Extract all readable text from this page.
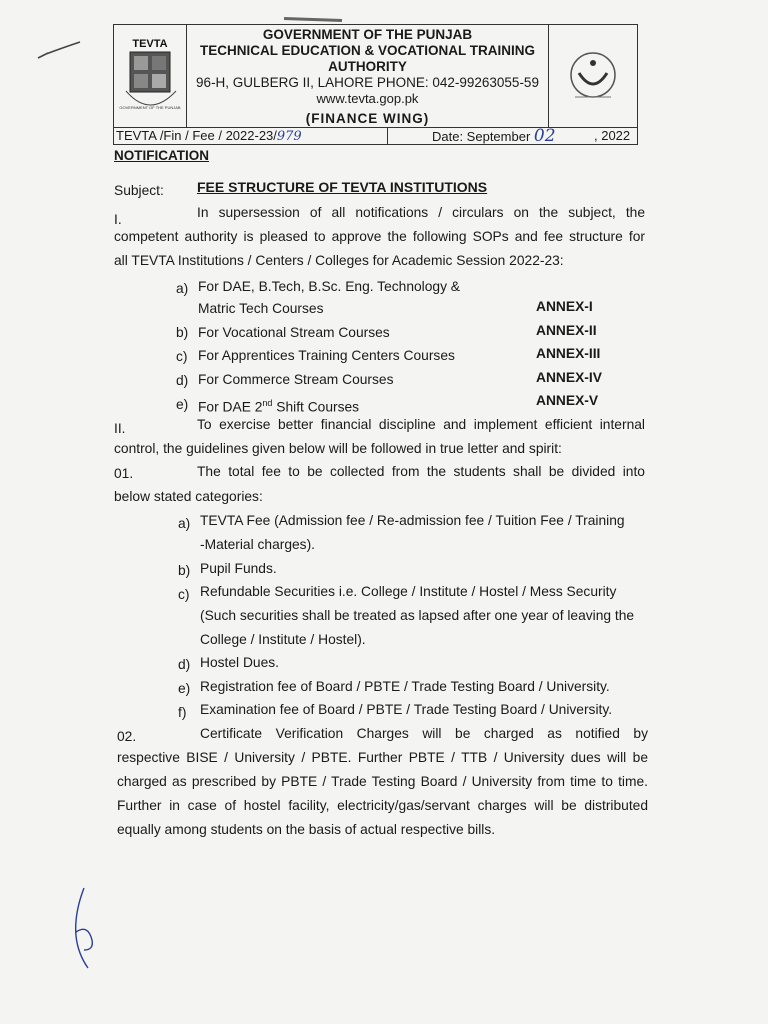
TEVTA
GOVERNMENT OF THE PUNJAB
GOVERNMENT OF THE PUNJAB
TECHNICAL EDUCATION & VOCATIONAL TRAINING
AUTHORITY
96-H, GULBERG II, LAHORE PHONE: 042-99263055-59
www.tevta.gop.pk
(FINANCE WING)
TEVTA /Fin / Fee / 2022-23/979	Date: September 02	, 2022
NOTIFICATION
Subject: FEE STRUCTURE OF TEVTA INSTITUTIONS
I.	In supersession of all notifications / circulars on the subject, the
competent authority is pleased to approve the following SOPs and fee structure for
all TEVTA Institutions / Centers / Colleges for Academic Session 2022-23:
a) For DAE, B.Tech, B.Sc. Eng. Technology &
Matric Tech Courses	ANNEX-I
b) For Vocational Stream Courses	ANNEX-II
c) For Apprentices Training Centers Courses	ANNEX-III
d) For Commerce Stream Courses	ANNEX-IV
e) For DAE 2nd Shift Courses	ANNEX-V
II.	To exercise better financial discipline and implement efficient internal
control, the guidelines given below will be followed in true letter and spirit:
01.	The total fee to be collected from the students shall be divided into
below stated categories:
a) TEVTA Fee (Admission fee / Re-admission fee / Tuition Fee / Training
-Material charges).
b) Pupil Funds.
c) Refundable Securities i.e. College / Institute / Hostel / Mess Security
(Such securities shall be treated as lapsed after one year of leaving the
College / Institute / Hostel).
d) Hostel Dues.
e) Registration fee of Board / PBTE / Trade Testing Board / University.
f) Examination fee of Board / PBTE / Trade Testing Board / University.
02.	Certificate Verification Charges will be charged as notified by
respective BISE / University / PBTE. Further PBTE / TTB / University dues will be
charged as prescribed by PBTE / Trade Testing Board / University from time to time.
Further in case of hostel facility, electricity/gas/servant charges will be distributed
equally among students on the basis of actual respective bills.
